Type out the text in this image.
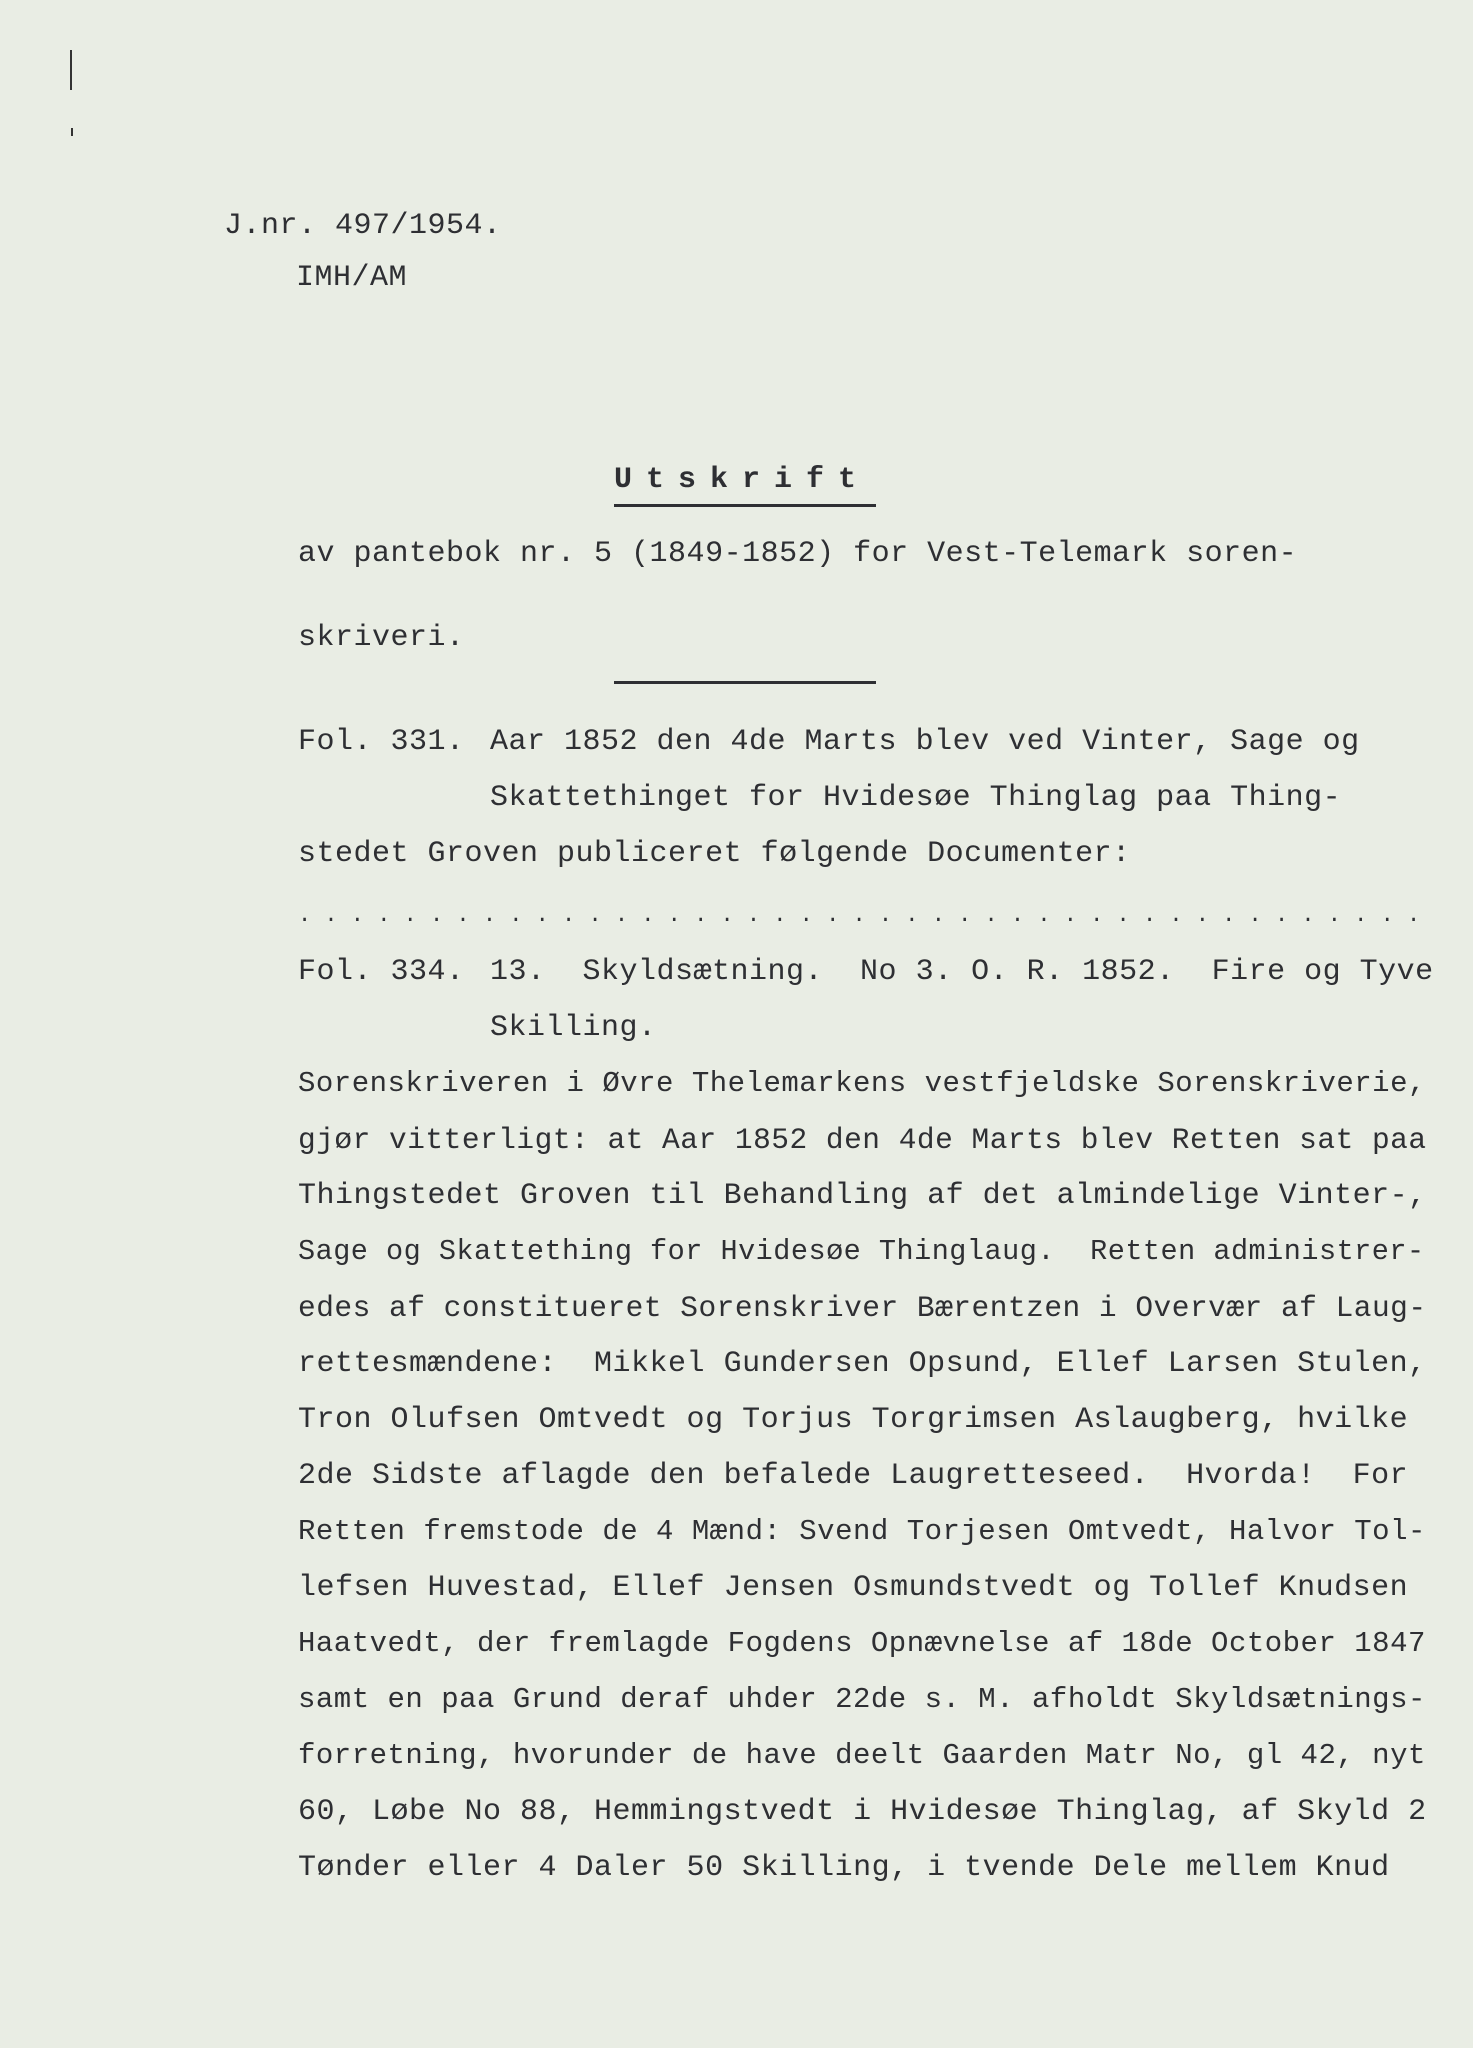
J.nr. 497/1954.
IMH/AM
Utskrift
av pantebok nr. 5 (1849-1852) for Vest-Telemark soren-
skriveri.
Fol. 331. Aar 1852 den 4de Marts blev ved Vinter, Sage og
Skattethinget for Hvidesøe Thinglag paa Thing-
stedet Groven publiceret følgende Documenter:
. . . . . . . . . . . . . . . . . . . . . . . . . . . . . . . . . . . . . . . . . . .
Fol. 334. 13.  Skyldsætning.  No 3. O. R. 1852.  Fire og Tyve
Skilling.
Sorenskriveren i Øvre Thelemarkens vestfjeldske Sorenskriverie,
gjør vitterligt: at Aar 1852 den 4de Marts blev Retten sat paa
Thingstedet Groven til Behandling af det almindelige Vinter-,
Sage og Skattething for Hvidesøe Thinglaug.  Retten administrer-
edes af constitueret Sorenskriver Bærentzen i Overvær af Laug-
rettesmændene:  Mikkel Gundersen Opsund, Ellef Larsen Stulen,
Tron Olufsen Omtvedt og Torjus Torgrimsen Aslaugberg, hvilke
2de Sidste aflagde den befalede Laugretteseed.  Hvorda!  For
Retten fremstode de 4 Mænd: Svend Torjesen Omtvedt, Halvor Tol-
lefsen Huvestad, Ellef Jensen Osmundstvedt og Tollef Knudsen
Haatvedt, der fremlagde Fogdens Opnævnelse af 18de October 1847
samt en paa Grund deraf uhder 22de s. M. afholdt Skyldsætnings-
forretning, hvorunder de have deelt Gaarden Matr No, gl 42, nyt
60, Løbe No 88, Hemmingstvedt i Hvidesøe Thinglag, af Skyld 2
Tønder eller 4 Daler 50 Skilling, i tvende Dele mellem Knud
